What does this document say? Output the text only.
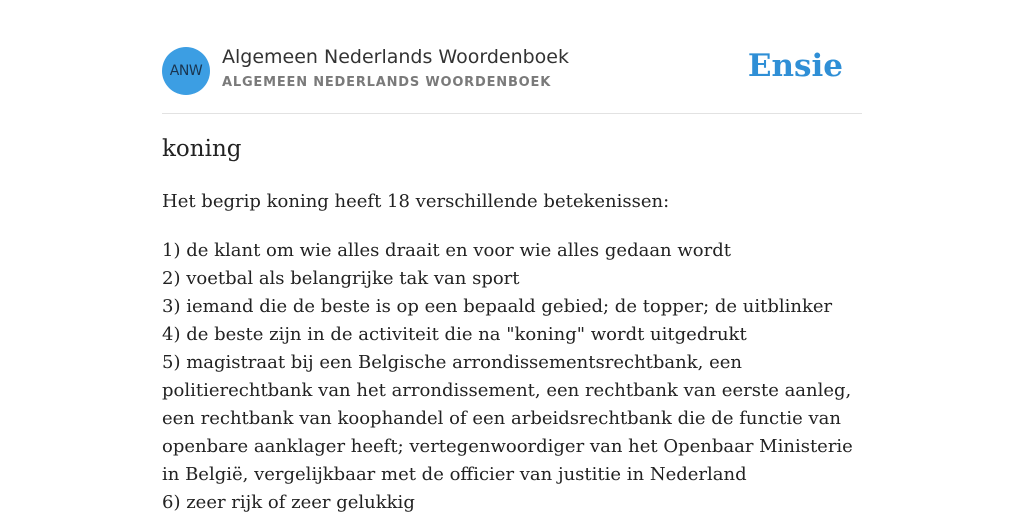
ANW
Algemeen Nederlands Woordenboek
ALGEMEEN NEDERLANDS WOORDENBOEK	Ensie
koning

Het begrip koning heeft 18 verschillende betekenissen:

1) de klant om wie alles draait en voor wie alles gedaan wordt
2) voetbal als belangrijke tak van sport
3) iemand die de beste is op een bepaald gebied; de topper; de uitblinker
4) de beste zijn in de activiteit die na "koning" wordt uitgedrukt
5) magistraat bij een Belgische arrondissementsrechtbank, een politierechtbank van het arrondissement, een rechtbank van eerste aanleg, een rechtbank van koophandel of een arbeidsrechtbank die de functie van openbare aanklager heeft; vertegenwoordiger van het Openbaar Ministerie in België, vergelijkbaar met de officier van justitie in Nederland
6) zeer rijk of zeer gelukkig
